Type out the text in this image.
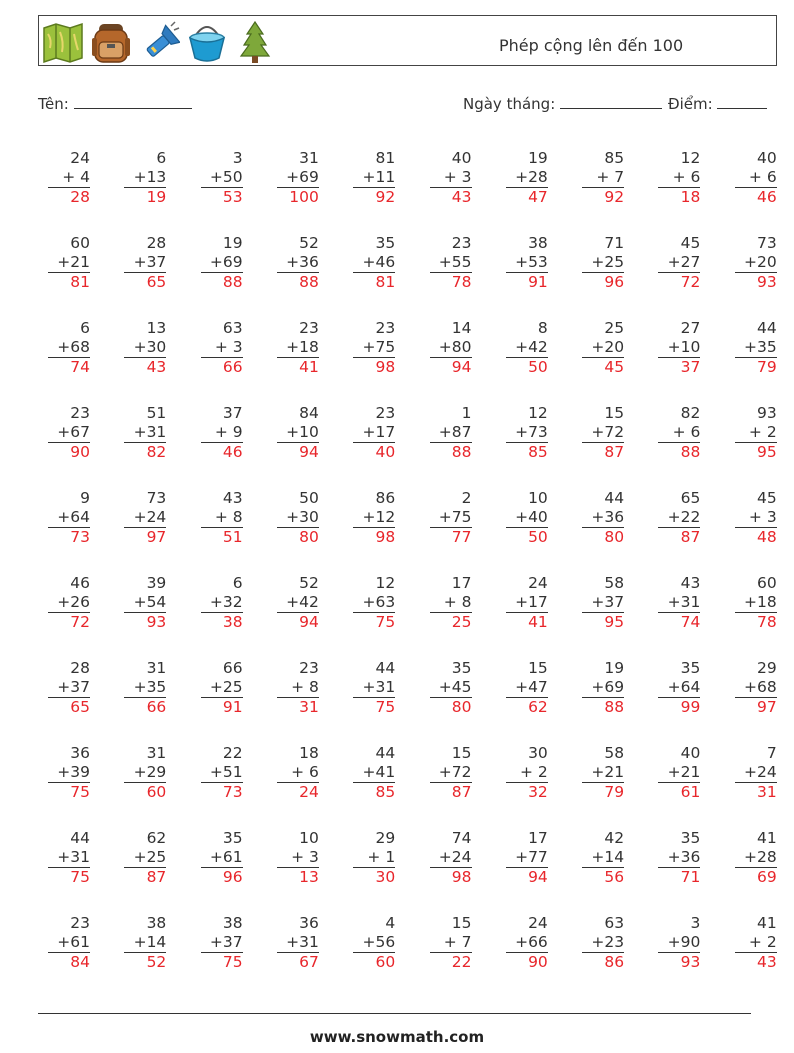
Phép cộng lên đến 100
Tên:	Ngày tháng:	Điểm:
24
+ 4
28
6
+13
19
3
+50
53
31
+69
100
81
+11
92
40
+ 3
43
19
+28
47
85
+ 7
92
12
+ 6
18
40
+ 6
46
60
+21
81
28
+37
65
19
+69
88
52
+36
88
35
+46
81
23
+55
78
38
+53
91
71
+25
96
45
+27
72
73
+20
93
6
+68
74
13
+30
43
63
+ 3
66
23
+18
41
23
+75
98
14
+80
94
8
+42
50
25
+20
45
27
+10
37
44
+35
79
23
+67
90
51
+31
82
37
+ 9
46
84
+10
94
23
+17
40
1
+87
88
12
+73
85
15
+72
87
82
+ 6
88
93
+ 2
95
9
+64
73
73
+24
97
43
+ 8
51
50
+30
80
86
+12
98
2
+75
77
10
+40
50
44
+36
80
65
+22
87
45
+ 3
48
46
+26
72
39
+54
93
6
+32
38
52
+42
94
12
+63
75
17
+ 8
25
24
+17
41
58
+37
95
43
+31
74
60
+18
78
28
+37
65
31
+35
66
66
+25
91
23
+ 8
31
44
+31
75
35
+45
80
15
+47
62
19
+69
88
35
+64
99
29
+68
97
36
+39
75
31
+29
60
22
+51
73
18
+ 6
24
44
+41
85
15
+72
87
30
+ 2
32
58
+21
79
40
+21
61
7
+24
31
44
+31
75
62
+25
87
35
+61
96
10
+ 3
13
29
+ 1
30
74
+24
98
17
+77
94
42
+14
56
35
+36
71
41
+28
69
23
+61
84
38
+14
52
38
+37
75
36
+31
67
4
+56
60
15
+ 7
22
24
+66
90
63
+23
86
3
+90
93
41
+ 2
43
www.snowmath.com
